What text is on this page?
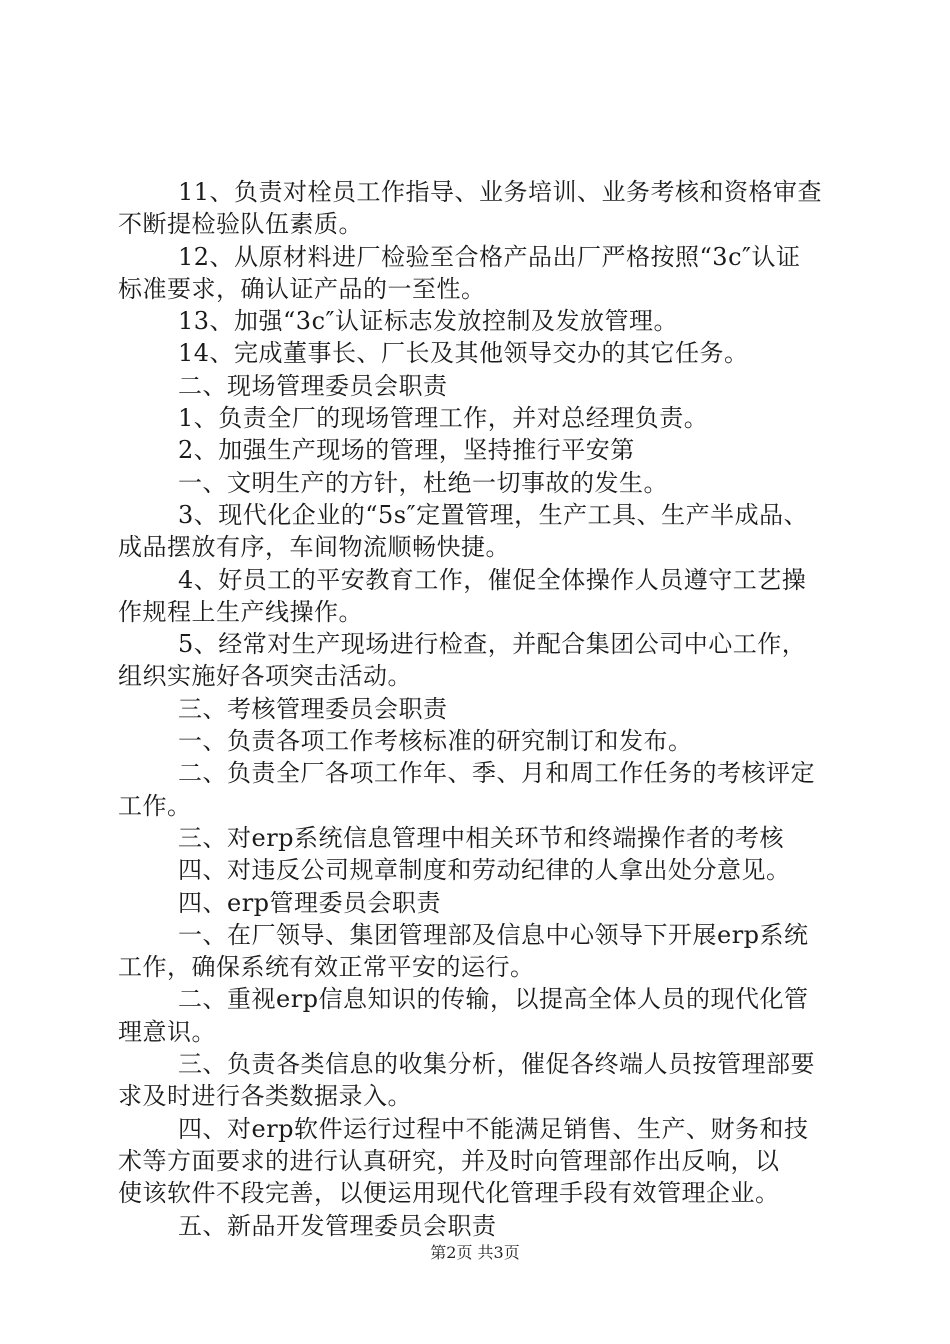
11、负责对栓员工作指导、业务培训、业务考核和资格审查
不断提检验队伍素质。
12、从原材料进厂检验至合格产品出厂严格按照“3c″认证
标准要求，确认证产品的一至性。
13、加强“3c″认证标志发放控制及发放管理。
14、完成董事长、厂长及其他领导交办的其它任务。
二、现场管理委员会职责
1、负责全厂的现场管理工作，并对总经理负责。
2、加强生产现场的管理，坚持推行平安第
一、文明生产的方针，杜绝一切事故的发生。
3、现代化企业的“5s″定置管理，生产工具、生产半成品、
成品摆放有序，车间物流顺畅快捷。
4、好员工的平安教育工作，催促全体操作人员遵守工艺操
作规程上生产线操作。
5、经常对生产现场进行检查，并配合集团公司中心工作，
组织实施好各项突击活动。
三、考核管理委员会职责
一、负责各项工作考核标准的研究制订和发布。
二、负责全厂各项工作年、季、月和周工作任务的考核评定
工作。
三、对erp系统信息管理中相关环节和终端操作者的考核
四、对违反公司规章制度和劳动纪律的人拿出处分意见。
四、erp管理委员会职责
一、在厂领导、集团管理部及信息中心领导下开展erp系统
工作，确保系统有效正常平安的运行。
二、重视erp信息知识的传输，以提高全体人员的现代化管
理意识。
三、负责各类信息的收集分析，催促各终端人员按管理部要
求及时进行各类数据录入。
四、对erp软件运行过程中不能满足销售、生产、财务和技
术等方面要求的进行认真研究，并及时向管理部作出反响，以
使该软件不段完善，以便运用现代化管理手段有效管理企业。
五、新品开发管理委员会职责
第2页 共3页
